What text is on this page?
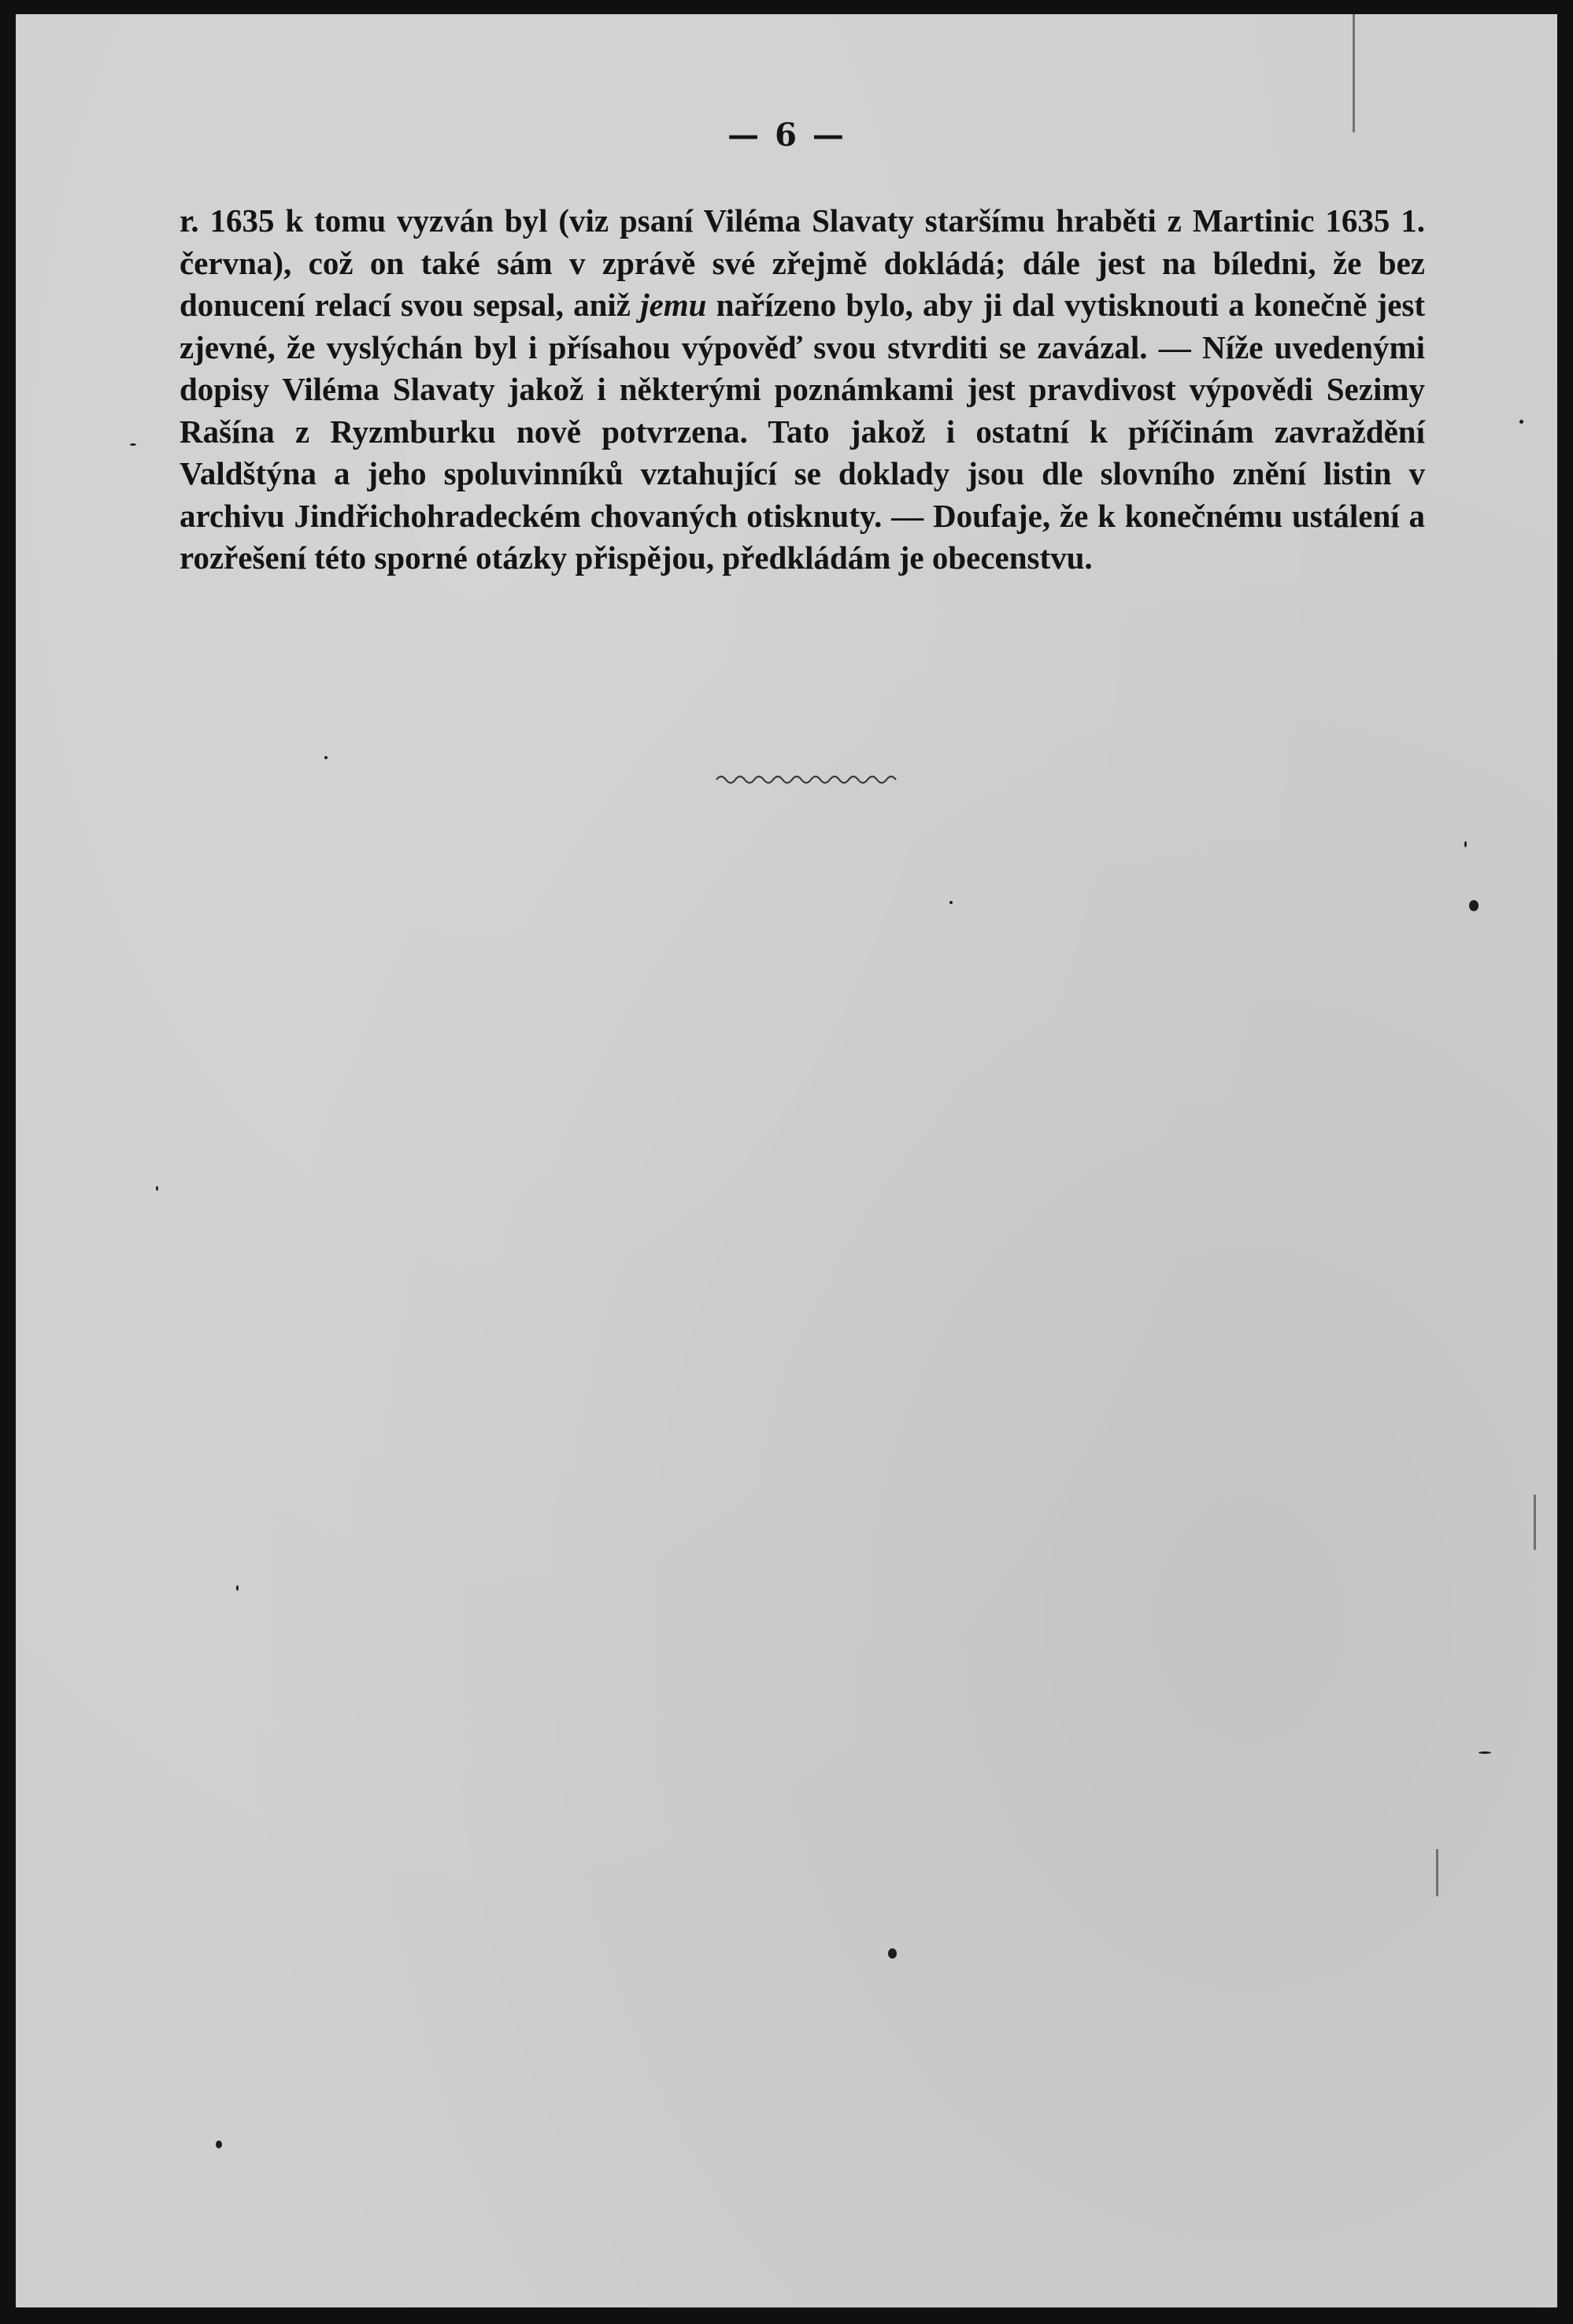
— 6 —

r. 1635 k tomu vyzván byl (viz psaní Viléma Slavaty staršímu hraběti z Martinic 1635 1. června), což on také sám v zprávě své zřejmě dokládá; dále jest na bíledni, že bez donucení relací svou sepsal, aniž jemu nařízeno bylo, aby ji dal vytisknouti a konečně jest zjevné, že vyslýchán byl i přísahou výpověď svou stvrditi se zavázal. — Níže uvedenými dopisy Viléma Slavaty jakož i některými poznámkami jest pravdivost výpovědi Sezimy Rašína z Ryzmburku nově potvrzena. Tato jakož i ostatní k příčinám zavraždění Valdštýna a jeho spoluvinníků vztahující se doklady jsou dle slovního znění listin v archivu Jindřichohradeckém chovaných otisknuty. — Doufaje, že k konečnému ustálení a rozřešení této sporné otázky přispějou, předkládám je obecenstvu.
